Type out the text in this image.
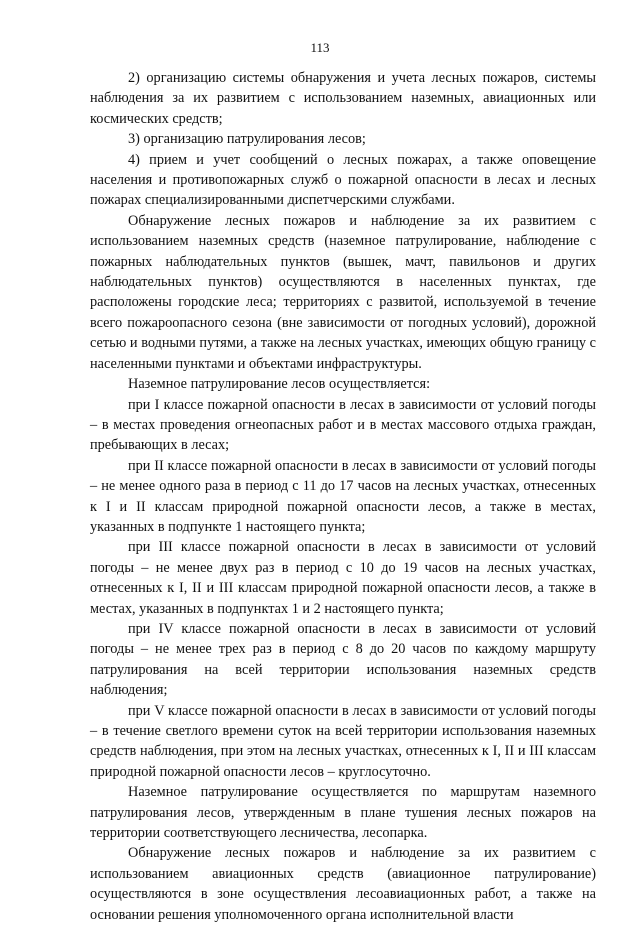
113

2) организацию системы обнаружения и учета лесных пожаров, системы наблюдения за их развитием с использованием наземных, авиационных или космических средств;

3) организацию патрулирования лесов;

4) прием и учет сообщений о лесных пожарах, а также оповещение населения и противопожарных служб о пожарной опасности в лесах и лесных пожарах специализированными диспетчерскими службами.

Обнаружение лесных пожаров и наблюдение за их развитием с использованием наземных средств (наземное патрулирование, наблюдение с пожарных наблюдательных пунктов (вышек, мачт, павильонов и других наблюдательных пунктов) осуществляются в населенных пунктах, где расположены городские леса; территориях с развитой, используемой в течение всего пожароопасного сезона (вне зависимости от погодных условий), дорожной сетью и водными путями, а также на лесных участках, имеющих общую границу с населенными пунктами и объектами инфраструктуры.

Наземное патрулирование лесов осуществляется:

при I классе пожарной опасности в лесах в зависимости от условий погоды – в местах проведения огнеопасных работ и в местах массового отдыха граждан, пребывающих в лесах;

при II классе пожарной опасности в лесах в зависимости от условий погоды – не менее одного раза в период с 11 до 17 часов на лесных участках, отнесенных к I и II классам природной пожарной опасности лесов, а также в местах, указанных в подпункте 1 настоящего пункта;

при III классе пожарной опасности в лесах в зависимости от условий погоды – не менее двух раз в период с 10 до 19 часов на лесных участках, отнесенных к I, II и III классам природной пожарной опасности лесов, а также в местах, указанных в подпунктах 1 и 2 настоящего пункта;

при IV классе пожарной опасности в лесах в зависимости от условий погоды – не менее трех раз в период с 8 до 20 часов по каждому маршруту патрулирования на всей территории использования наземных средств наблюдения;

при V классе пожарной опасности в лесах в зависимости от условий погоды – в течение светлого времени суток на всей территории использования наземных средств наблюдения, при этом на лесных участках, отнесенных к I, II и III классам природной пожарной опасности лесов – круглосуточно.

Наземное патрулирование осуществляется по маршрутам наземного патрулирования лесов, утвержденным в плане тушения лесных пожаров на территории соответствующего лесничества, лесопарка.

Обнаружение лесных пожаров и наблюдение за их развитием с использованием авиационных средств (авиационное патрулирование) осуществляются в зоне осуществления лесоавиационных работ, а также на основании решения уполномоченного органа исполнительной власти
